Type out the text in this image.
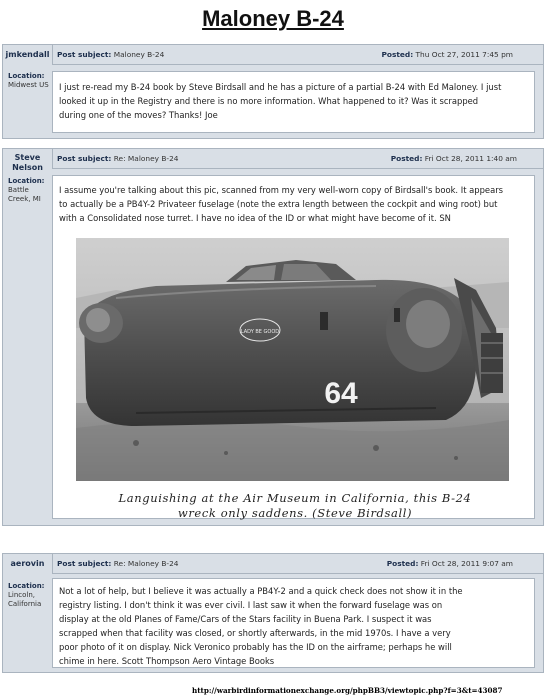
Maloney B-24
jmkendall	Post subject: Maloney B-24	Posted: Thu Oct 27, 2011 7:45 pm
Location:
Midwest US	I just re-read my B-24 book by Steve Birdsall and he has a picture of a partial B-24 with Ed Maloney. I just
looked it up in the Registry and there is no more information. What happened to it? Was it scrapped
during one of the moves? Thanks! Joe
Steve Nelson
Post subject: Re: Maloney B-24	Posted: Fri Oct 28, 2011 1:40 am
Location:
Battle Creek, MI
I assume you're talking about this pic, scanned from my very well-worn copy of Birdsall's book. It appears
to actually be a PB4Y-2 Privateer fuselage (note the extra length between the cockpit and wing root) but
with a Consolidated nose turret. I have no idea of the ID or what might have become of it. SN
LADY BE GOOD
64
Languishing at the Air Museum in California, this B-24
wreck only saddens. (Steve Birdsall)
aerovin	Post subject: Re: Maloney B-24	Posted: Fri Oct 28, 2011 9:07 am
Location:
Lincoln, California
Not a lot of help, but I believe it was actually a PB4Y-2 and a quick check does not show it in the
registry listing. I don't think it was ever civil. I last saw it when the forward fuselage was on
display at the old Planes of Fame/Cars of the Stars facility in Buena Park. I suspect it was
scrapped when that facility was closed, or shortly afterwards, in the mid 1970s. I have a very
poor photo of it on display. Nick Veronico probably has the ID on the airframe; perhaps he will
chime in here. Scott Thompson Aero Vintage Books
http://warbirdinformationexchange.org/phpBB3/viewtopic.php?f=3&t=43087
